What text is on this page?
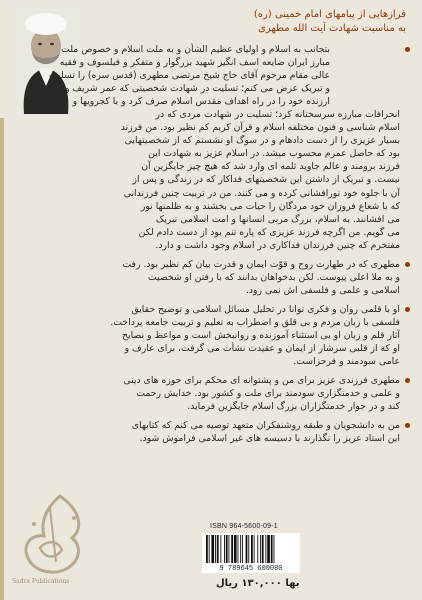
فرازهایی از پیامهای امام خمینی (ره)
به مناسبت شهادت آیت الله مطهری
بتجانب به اسلام و اولیای عظیم الشأن و به ملت اسلام و خصوص ملت
مبارز ایران ضایعه اسف انگیز شهید بزرگوار و متفکر و فیلسوف و فقیه
عالی مقام مرحوم آقای حاج شیخ مرتضی مطهری (قدس سره) را تسلیت
و تبریک عرض می کنم؛ تسلیت در شهادت شخصیتی که عمر شریف و
ارزنده خود را در راه اهداف مقدس اسلام صرف کرد و با کجرویها و
انحرافات مبارزه سرسختانه کرد؛ تسلیت در شهادت مردی که در
اسلام شناسی و فنون مختلفه اسلام و قرآن کریم کم نظیر بود. من فرزند
بسیار عزیزی را از دست دادهام و در سوگ او نشستم که از شخصیتهایی
بود که حاصل عمرم محسوب میشد. در اسلام عزیز به شهادت این
فرزند برومند و عالم جاوید ثلمه ای وارد شد که هیچ چیز جایگزین آن
نیست. و تبریک از داشتن این شخصیتهای فداکار که در زندگی و پس از
آن با جلوه خود نورافشانی کرده و می کنند. من در تربیت چنین فرزندانی
که با شعاع فروزان خود مردگان را حیات می بخشند و به ظلمتها نور
می افشانند. به اسلام، بزرگ مربی انسانها و امت اسلامی تبریک
می گویم. من اگرچه فرزند عزیزی که پاره تنم بود از دست دادم لکن
مفتخرم که چنین فرزندان فداکاری در اسلام وجود داشت و دارد.
مطهری که در طهارت روح و قوّت ایمان و قدرت بیان کم نظیر بود. رفت
و به ملا اعلی پیوست. لکن بدخواهان بدانند که با رفتن او شخصیت
اسلامی و علمی و فلسفی اش نمی رود.
او با قلمی روان و فکری توانا در تحلیل مسائل اسلامی و توضیح حقایق
فلسفی با زبان مردم و بی قلق و اضطراب به تعلیم و تربیت جامعه پرداخت.
آثار قلم و زبان او بی استثناء آموزنده و روانبخش است و مواعظ و نصایح
او که از قلبی سرشار از ایمان و عقیدت نشأت می گرفت، برای عارف و
عامی سودمند و فرحزاست.
مطهری فرزندی عزیز برای من و پشتوانه ای محکم برای حوزه های دینی
و علمی و خدمتگزاری سودمند برای ملت و کشور بود. خدایش رحمت
کند و در جوار خدمتگزاران بزرگ اسلام جایگزین فرماید.
من به دانشجویان و طبقه روشنفکران متعهد توصیه می کنم که کتابهای
این استاد عزیز را نگذارند با دسیسه های غیر اسلامی فراموش شود.
Sadra Publications
ISBN 964-5600-09-1
9 789645 600080
بها ۱۳۰,۰۰۰ ریال
